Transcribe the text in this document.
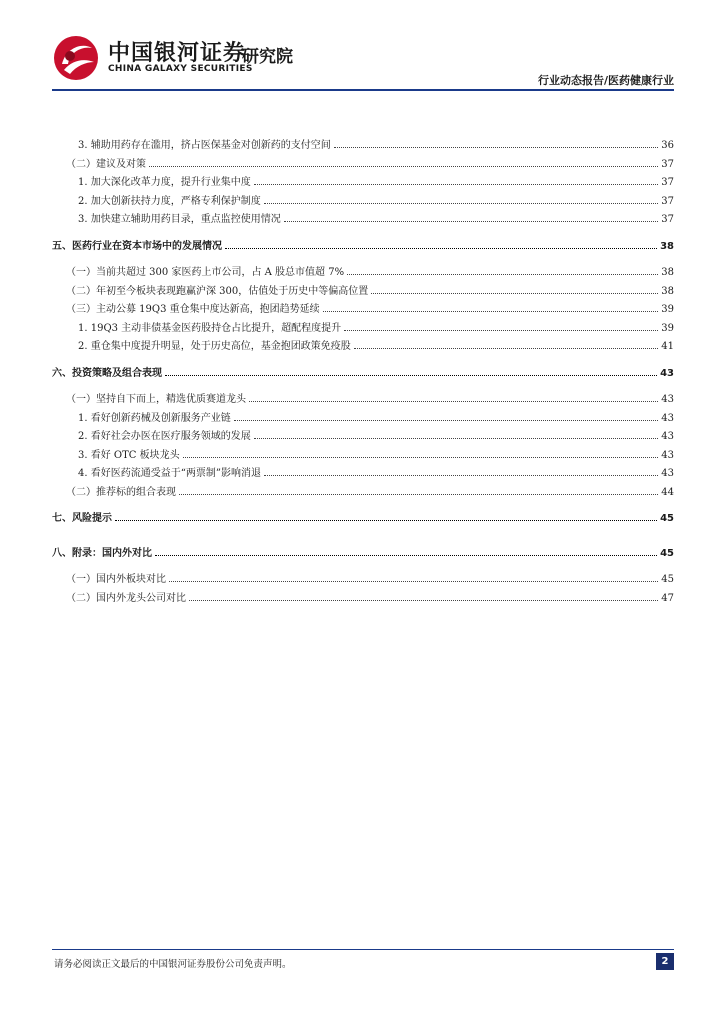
中国银河证券
CHINA GALAXY SECURITIES
研究院
行业动态报告/医药健康行业
3. 辅助用药存在滥用，挤占医保基金对创新药的支付空间	36
（二）建议及对策	37
1. 加大深化改革力度，提升行业集中度	37
2. 加大创新扶持力度，严格专利保护制度	37
3. 加快建立辅助用药目录，重点监控使用情况	37
五、医药行业在资本市场中的发展情况	38
（一）当前共超过 300 家医药上市公司，占 A 股总市值超 7%	38
（二）年初至今板块表现跑赢沪深 300，估值处于历史中等偏高位置	38
（三）主动公募 19Q3 重仓集中度达新高，抱团趋势延续	39
1. 19Q3 主动非债基金医药股持仓占比提升，超配程度提升	39
2. 重仓集中度提升明显，处于历史高位，基金抱团政策免疫股	41
六、投资策略及组合表现	43
（一）坚持自下而上，精选优质赛道龙头	43
1. 看好创新药械及创新服务产业链	43
2. 看好社会办医在医疗服务领域的发展	43
3. 看好 OTC 板块龙头	43
4. 看好医药流通受益于“两票制”影响消退	43
（二）推荐标的组合表现	44
七、风险提示	45
八、附录：国内外对比	45
（一）国内外板块对比	45
（二）国内外龙头公司对比	47
请务必阅读正文最后的中国银河证券股份公司免责声明。	2
